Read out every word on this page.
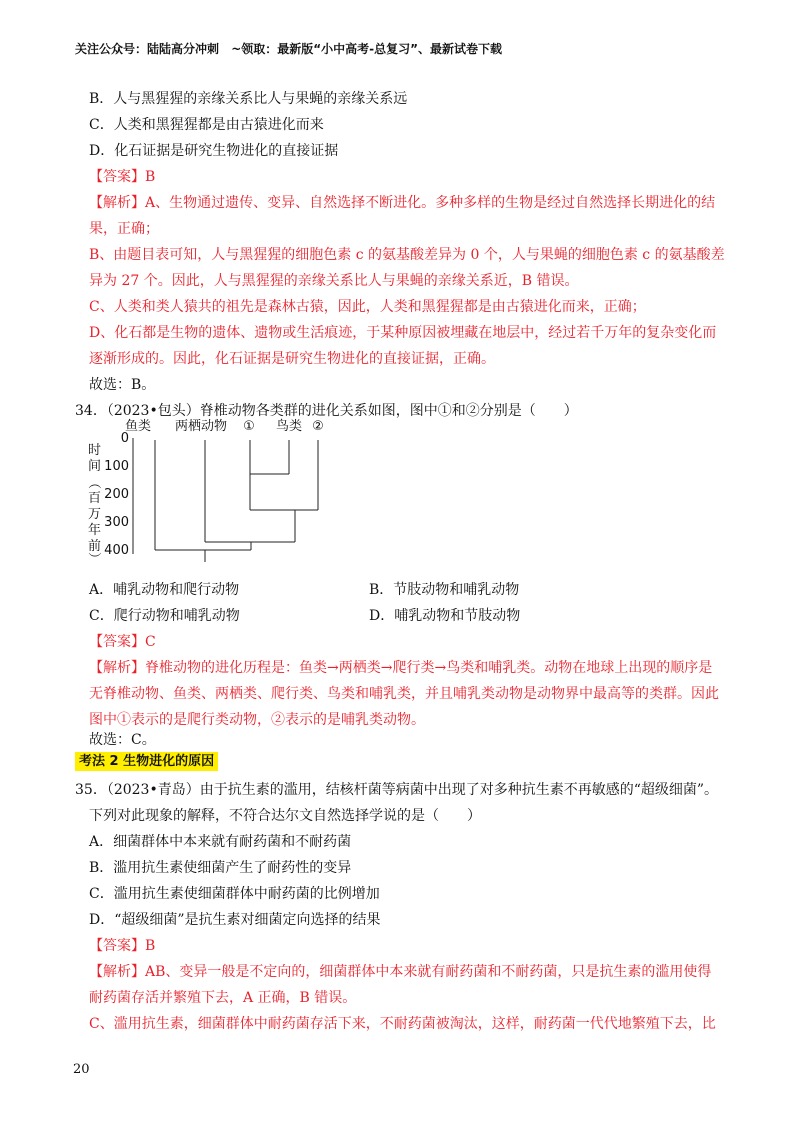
关注公众号：陆陆高分冲刺 ~领取：最新版“小中高考-总复习”、最新试卷下载
B．人与黑猩猩的亲缘关系比人与果蝇的亲缘关系远
C．人类和黑猩猩都是由古猿进化而来
D．化石证据是研究生物进化的直接证据
【答案】B
【解析】A、生物通过遗传、变异、自然选择不断进化。多种多样的生物是经过自然选择长期进化的结
果，正确；
B、由题目表可知，人与黑猩猩的细胞色素 c 的氨基酸差异为 0 个，人与果蝇的细胞色素 c 的氨基酸差
异为 27 个。因此，人与黑猩猩的亲缘关系比人与果蝇的亲缘关系近，B 错误。
C、人类和类人猿共的祖先是森林古猿，因此，人类和黑猩猩都是由古猿进化而来，正确；
D、化石都是生物的遗体、遗物或生活痕迹，于某种原因被埋藏在地层中，经过若千万年的复杂变化而
逐渐形成的。因此，化石证据是研究生物进化的直接证据，正确。
故选：B。
34．（2023•包头）脊椎动物各类群的进化关系如图，图中①和②分别是（　　）
鱼类 两栖动物 ① 鸟类 ②
时
间
（
百
万
年
前
）
0
100
200
300
400
A．哺乳动物和爬行动物	B．节肢动物和哺乳动物
C．爬行动物和哺乳动物	D．哺乳动物和节肢动物
【答案】C
【解析】脊椎动物的进化历程是：鱼类→两栖类→爬行类→鸟类和哺乳类。动物在地球上出现的顺序是
无脊椎动物、鱼类、两栖类、爬行类、鸟类和哺乳类，并且哺乳类动物是动物界中最高等的类群。因此
图中①表示的是爬行类动物，②表示的是哺乳类动物。
故选：C。
考法 2 生物进化的原因
35．（2023•青岛）由于抗生素的滥用，结核杆菌等病菌中出现了对多种抗生素不再敏感的“超级细菌”。
下列对此现象的解释，不符合达尔文自然选择学说的是（　　）
A．细菌群体中本来就有耐药菌和不耐药菌
B．滥用抗生素使细菌产生了耐药性的变异
C．滥用抗生素使细菌群体中耐药菌的比例增加
D．“超级细菌”是抗生素对细菌定向选择的结果
【答案】B
【解析】AB、变异一般是不定向的，细菌群体中本来就有耐药菌和不耐药菌，只是抗生素的滥用使得
耐药菌存活并繁殖下去，A 正确，B 错误。
C、滥用抗生素，细菌群体中耐药菌存活下来，不耐药菌被淘汰，这样，耐药菌一代代地繁殖下去，比
20
